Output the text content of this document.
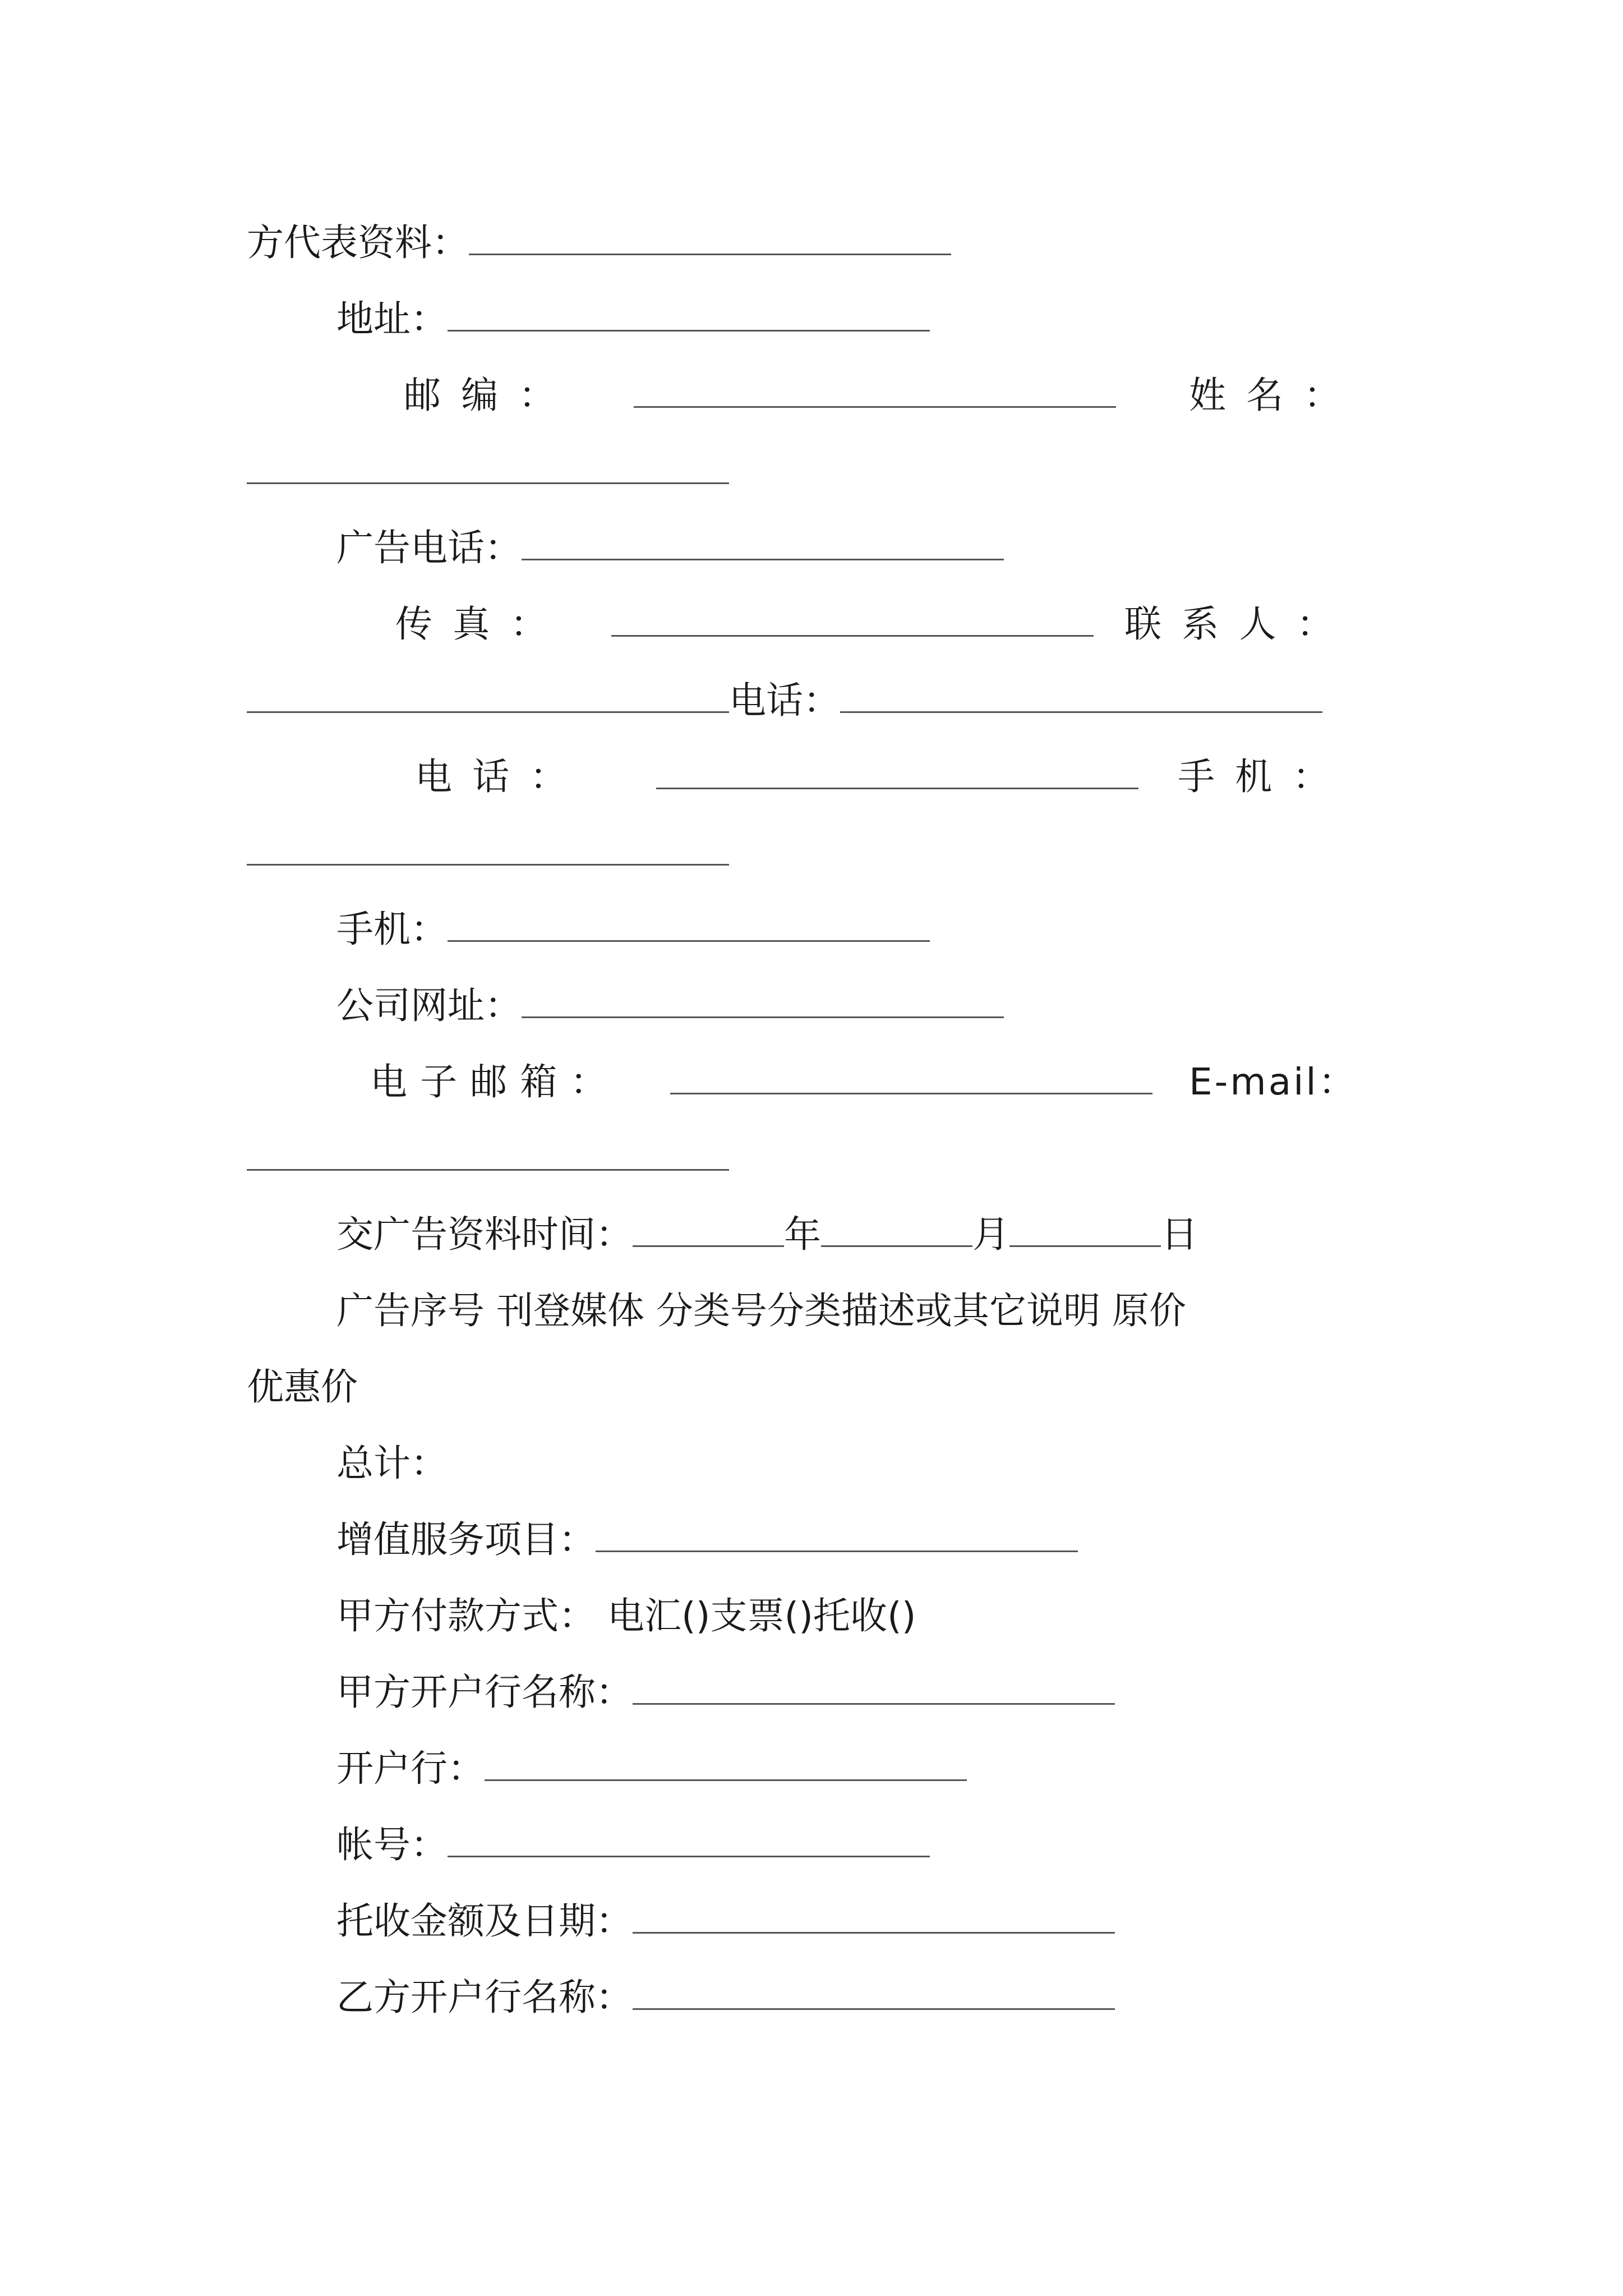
方代表资料：
地址：
邮编：	姓名：
广告电话：
传真：	联系人：
电话：
电话：	手机：
手机：
公司网址：
电子邮箱：	E-mail：
交广告资料时间：	年	月	日
广告序号 刊登媒体 分类号分类描述或其它说明 原价
优惠价
总计：
增值服务项目：
甲方付款方式： 电汇()支票()托收()
甲方开户行名称：
开户行：
帐号：
托收金额及日期：
乙方开户行名称：
